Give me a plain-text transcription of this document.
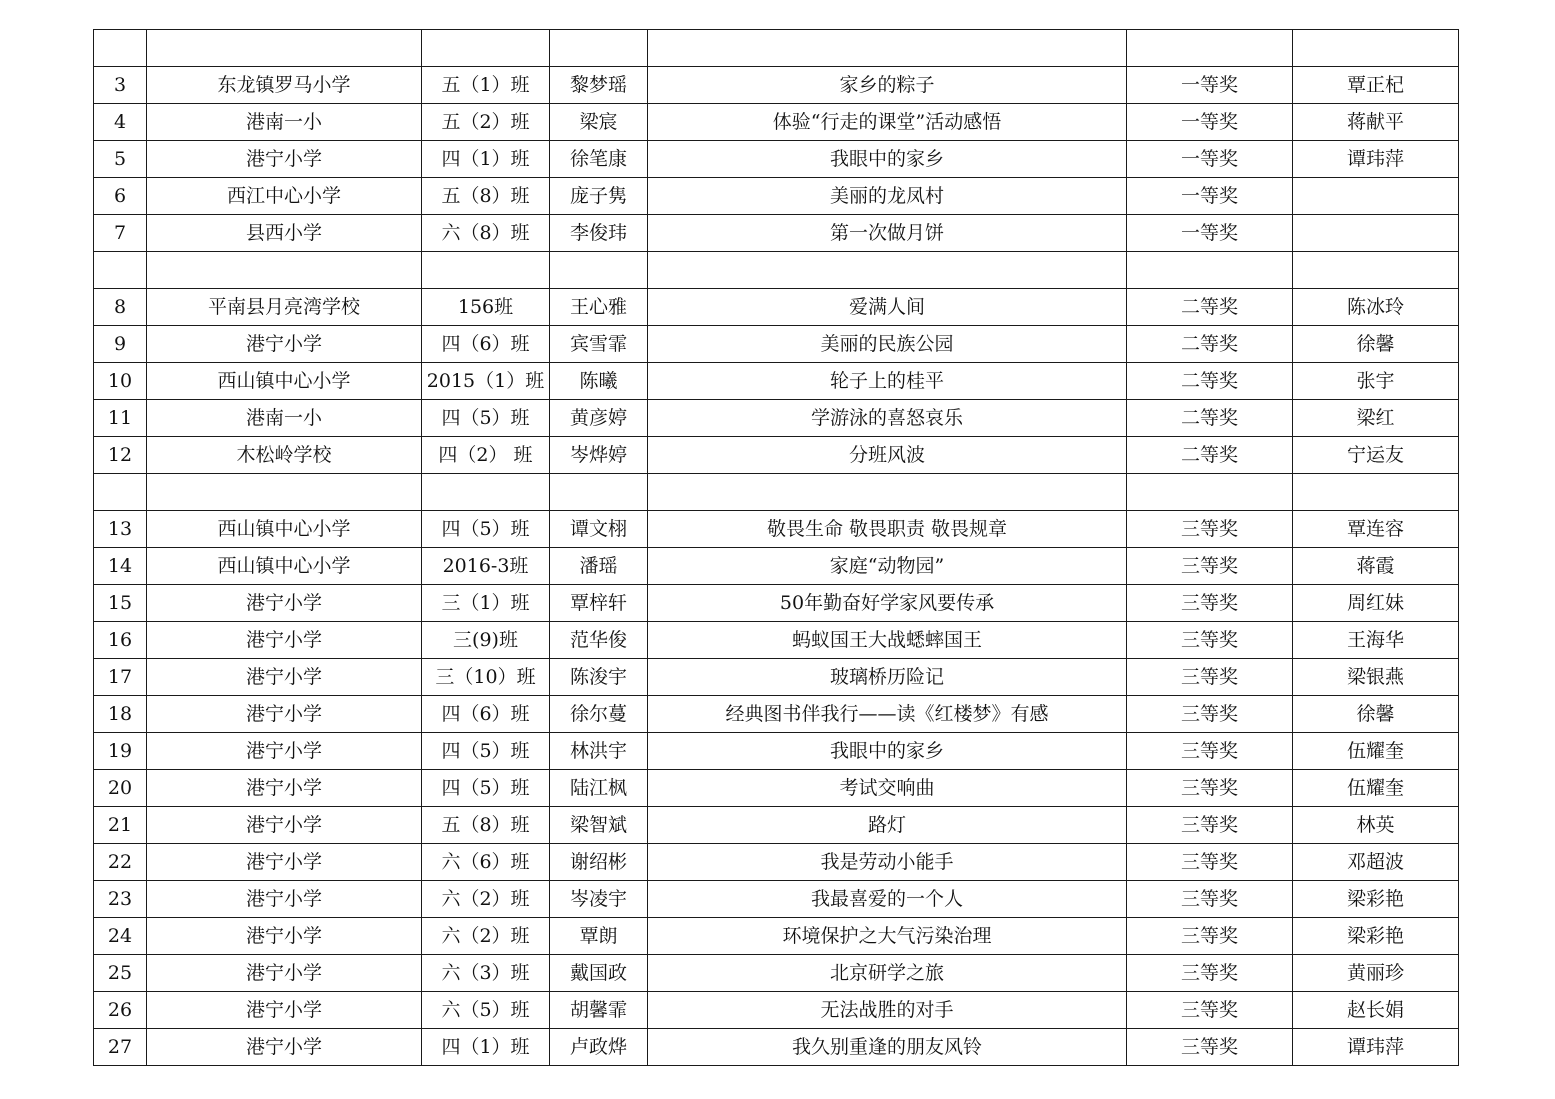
3	东龙镇罗马小学	五（1）班	黎梦瑶	家乡的粽子	一等奖	覃正杞
4	港南一小	五（2）班	梁宸	体验“行走的课堂”活动感悟	一等奖	蒋献平
5	港宁小学	四（1）班	徐笔康	我眼中的家乡	一等奖	谭玮萍
6	西江中心小学	五（8）班	庞子隽	美丽的龙凤村	一等奖	
7	县西小学	六（8）班	李俊玮	第一次做月饼	一等奖	

8	平南县月亮湾学校	156班	王心雅	爱满人间	二等奖	陈冰玲
9	港宁小学	四（6）班	宾雪霏	美丽的民族公园	二等奖	徐馨
10	西山镇中心小学	2015（1）班	陈曦	轮子上的桂平	二等奖	张宇
11	港南一小	四（5）班	黄彦婷	学游泳的喜怒哀乐	二等奖	梁红
12	木松岭学校	四（2） 班	岑烨婷	分班风波	二等奖	宁运友

13	西山镇中心小学	四（5）班	谭文栩	敬畏生命 敬畏职责 敬畏规章	三等奖	覃连容
14	西山镇中心小学	2016-3班	潘瑶	家庭“动物园”	三等奖	蒋霞
15	港宁小学	三（1）班	覃梓轩	50年勤奋好学家风要传承	三等奖	周红妹
16	港宁小学	三(9)班	范华俊	蚂蚁国王大战蟋蟀国王	三等奖	王海华
17	港宁小学	三（10）班	陈浚宇	玻璃桥历险记	三等奖	梁银燕
18	港宁小学	四（6）班	徐尔蔓	经典图书伴我行——读《红楼梦》有感	三等奖	徐馨
19	港宁小学	四（5）班	林洪宇	我眼中的家乡	三等奖	伍耀奎
20	港宁小学	四（5）班	陆江枫	考试交响曲	三等奖	伍耀奎
21	港宁小学	五（8）班	梁智斌	路灯	三等奖	林英
22	港宁小学	六（6）班	谢绍彬	我是劳动小能手	三等奖	邓超波
23	港宁小学	六（2）班	岑凌宇	我最喜爱的一个人	三等奖	梁彩艳
24	港宁小学	六（2）班	覃朗	环境保护之大气污染治理	三等奖	梁彩艳
25	港宁小学	六（3）班	戴国政	北京研学之旅	三等奖	黄丽珍
26	港宁小学	六（5）班	胡馨霏	无法战胜的对手	三等奖	赵长娟
27	港宁小学	四（1）班	卢政烨	我久别重逢的朋友风铃	三等奖	谭玮萍
